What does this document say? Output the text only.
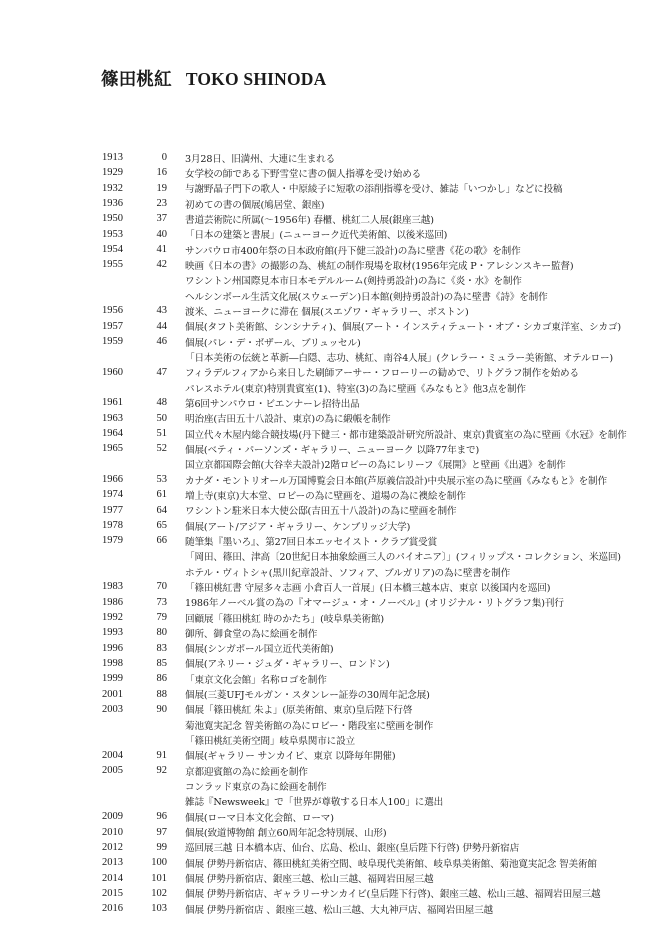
篠田桃紅 TOKO SHINODA
1913	0 3月28日、旧満州、大連に生まれる
1929	16 女学校の師である下野雪堂に書の個人指導を受け始める
1932	19 与謝野晶子門下の歌人・中原綾子に短歌の添削指導を受け、雑誌「いつかし」などに投稿
1936	23 初めての書の個展(鳩居堂、銀座)
1950	37 書道芸術院に所属(〜1956年) 春櫃、桃紅二人展(銀座三越)
1953	40 「日本の建築と書展」(ニューヨーク近代美術館、以後米巡回)
1954	41 サンパウロ市400年祭の日本政府館(丹下健三設計)の為に壁書《花の歌》を制作
1955	42 映画《日本の書》の撮影の為、桃紅の制作現場を取材(1956年完成 P・アレシンスキー監督)
ワシントン州国際見本市日本モデルルーム(剣持勇設計)の為に《炎・水》を制作
ヘルシンボール生活文化展(スウェーデン)日本館(剣持勇設計)の為に壁書《詩》を制作
1956	43 渡米、ニューヨークに滞在 個展(スエゾワ・ギャラリー、ボストン)
1957	44 個展(タフト美術館、シンシナティ)、個展(アート・インスティテュート・オブ・シカゴ東洋室、シカゴ)
1959	46 個展(パレ・デ・ボザール、ブリュッセル)
「日本美術の伝統と革新―白隠、志功、桃紅、南谷4人展」(クレラー・ミュラー美術館、オテルロー)
1960	47 フィラデルフィアから来日した刷師アーサー・フローリーの勧めで、リトグラフ制作を始める
パレスホテル(東京)特別貴賓室(1)、特室(3)の為に壁画《みなもと》他3点を制作
1961	48 第6回サンパウロ・ビエンナーレ招待出品
1963	50 明治座(吉田五十八設計、東京)の為に緞帳を制作
1964	51 国立代々木屋内総合競技場(丹下健三・都市建築設計研究所設計、東京)貴賓室の為に壁画《水冠》を制作
1965	52 個展(ベティ・パーソンズ・ギャラリー、ニューヨーク 以降77年まで)
国立京都国際会館(大谷幸夫設計)2階ロビーの為にレリーフ《展開》と壁画《出遇》を制作
1966	53 カナダ・モントリオール万国博覧会日本館(芦原義信設計)中央展示室の為に壁画《みなもと》を制作
1974	61 増上寺(東京)大本堂、ロビーの為に壁画を、道場の為に襖絵を制作
1977	64 ワシントン駐米日本大使公邸(吉田五十八設計)の為に壁画を制作
1978	65 個展(アート/アジア・ギャラリー、ケンブリッジ大学)
1979	66 随筆集『墨いろ』、第27回日本エッセイスト・クラブ賞受賞
「岡田、篠田、津高〔20世紀日本抽象絵画三人のパイオニア〕」(フィリップス・コレクション、米巡回)
ホテル・ヴィトシャ(黒川紀章設計、ソフィア、ブルガリア)の為に壁書を制作
1983	70 「篠田桃紅書 守屋多々志画 小倉百人一首展」(日本橋三越本店、東京 以後国内を巡回)
1986	73 1986年ノーベル賞の為の『オマージュ・オ・ノーベル』(オリジナル・リトグラフ集)刊行
1992	79 回顧展「篠田桃紅 時のかたち」(岐阜県美術館)
1993	80 御所、御食堂の為に絵画を制作
1996	83 個展(シンガポール国立近代美術館)
1998	85 個展(アネリー・ジュダ・ギャラリー、ロンドン)
1999	86 「東京文化会館」名称ロゴを制作
2001	88 個展(三菱UFJモルガン・スタンレー証券の30周年記念展)
2003	90 個展「篠田桃紅 朱よ」(原美術館、東京)皇后陛下行啓
菊池寛実記念 智美術館の為にロビー・階段室に壁画を制作
「篠田桃紅美術空間」岐阜県関市に設立
2004	91 個展(ギャラリー サンカイビ、東京 以降毎年開催)
2005	92 京都迎賓館の為に絵画を制作
コンラッド東京の為に絵画を制作
雑誌『Newsweek』で「世界が尊敬する日本人100」に選出
2009	96 個展(ローマ日本文化会館、ローマ)
2010	97 個展(致道博物館 創立60周年記念特別展、山形)
2012	99 巡回展三越 日本橋本店、仙台、広島、松山、銀座(皇后陛下行啓) 伊勢丹新宿店
2013	100 個展 伊勢丹新宿店、篠田桃紅美術空間、岐阜現代美術館、岐阜県美術館、菊池寛実記念 智美術館
2014	101 個展 伊勢丹新宿店、銀座三越、松山三越、福岡岩田屋三越
2015	102 個展 伊勢丹新宿店、ギャラリーサンカイビ(皇后陛下行啓)、銀座三越、松山三越、福岡岩田屋三越
2016	103 個展 伊勢丹新宿店 、銀座三越、松山三越、大丸神戸店、福岡岩田屋三越
